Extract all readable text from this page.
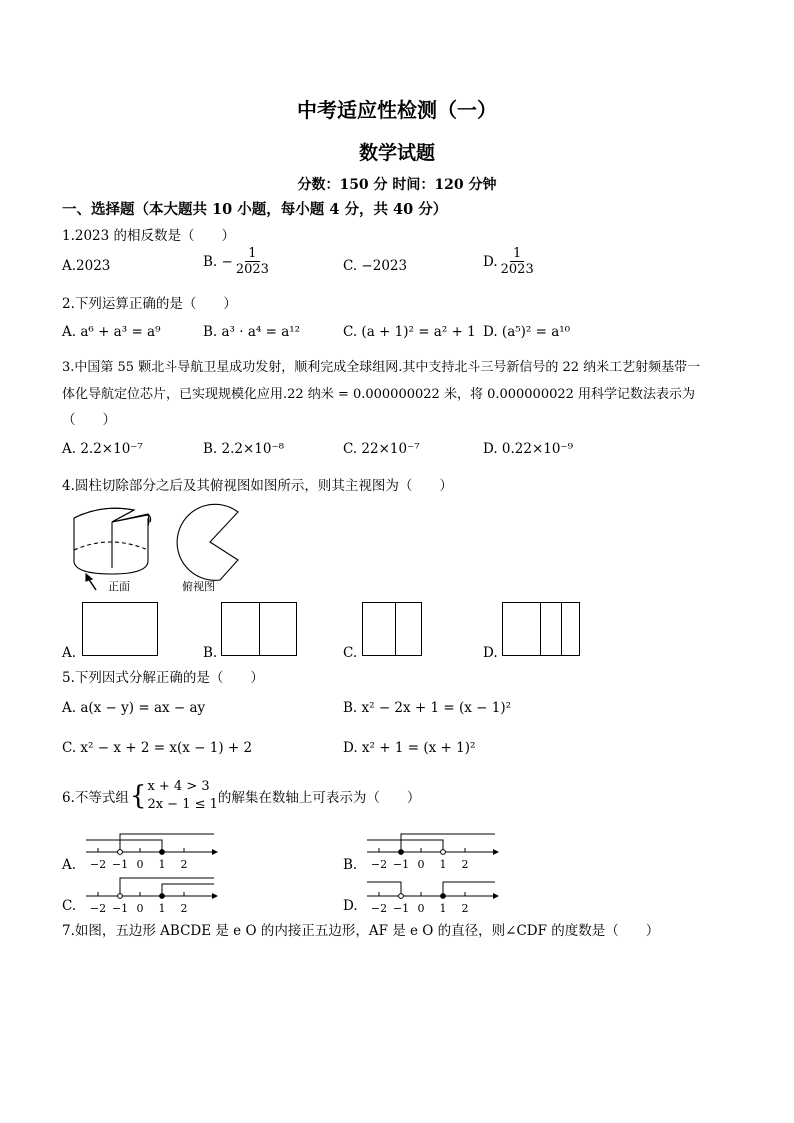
中考适应性检测（一）
数学试题
分数：150 分 时间：120 分钟
一、选择题（本大题共 10 小题，每小题 4 分，共 40 分）
1.2023 的相反数是（　　）
A.2023	B. − $\frac{1}{2023}$	C. −2023	D. $\frac{1}{2023}$
2.下列运算正确的是（　　）
A. a⁶ + a³ = a⁹	B. a³ · a⁴ = a¹²	C. (a + 1)² = a² + 1 D. (a⁵)² = a¹⁰
3.中国第 55 颗北斗导航卫星成功发射，顺利完成全球组网.其中支持北斗三号新信号的 22 纳米工艺射频基带一
体化导航定位芯片，已实现规模化应用.22 纳米 = 0.000000022 米，将 0.000000022 用科学记数法表示为
（　　）
A. 2.2×10⁻⁷	B. 2.2×10⁻⁸	C. 22×10⁻⁷	D. 0.22×10⁻⁹
4.圆柱切除部分之后及其俯视图如图所示，则其主视图为（　　）
正面	俯视图
A.	B.	C.	D.
5.下列因式分解正确的是（　　）
A. a(x − y) = ax − ay	B. x² − 2x + 1 = (x − 1)²
C. x² − x + 2 = x(x − 1) + 2	D. x² + 1 = (x + 1)²
6.不等式组 { x + 4 > 3
2x − 1 ≤ 1 的解集在数轴上可表示为（　　）
A. −2 −1 0 1 2	B. −2 −1 0 1 2
C. −2 −1 0 1 2	D. −2 −1 0 1 2
7.如图，五边形 ABCDE 是 e O 的内接正五边形，AF 是 e O 的直径，则∠CDF 的度数是（　　）
